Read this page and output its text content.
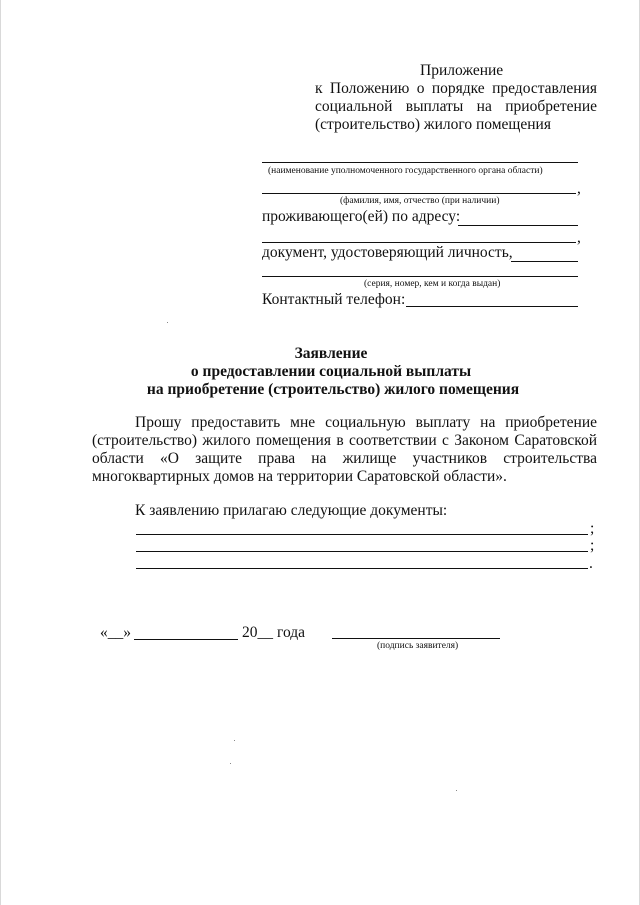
Приложение
к Положению о порядке предоставления
социальной выплаты на приобретение
(строительство) жилого помещения
(наименование уполномоченного государственного органа области)
,
(фамилия, имя, отчество (при наличии)
проживающего(ей) по адресу:
,
документ, удостоверяющий личность,
(серия, номер, кем и когда выдан)
Контактный телефон:
Заявление
о предоставлении социальной выплаты
на приобретение (строительство) жилого помещения
Прошу предоставить мне социальную выплату на приобретение
(строительство) жилого помещения в соответствии с Законом Саратовской
области «О защите права на жилище участников строительства
многоквартирных домов на территории Саратовской области».
К заявлению прилагаю следующие документы:
;
;
.
«__»	20__ года
(подпись заявителя)
